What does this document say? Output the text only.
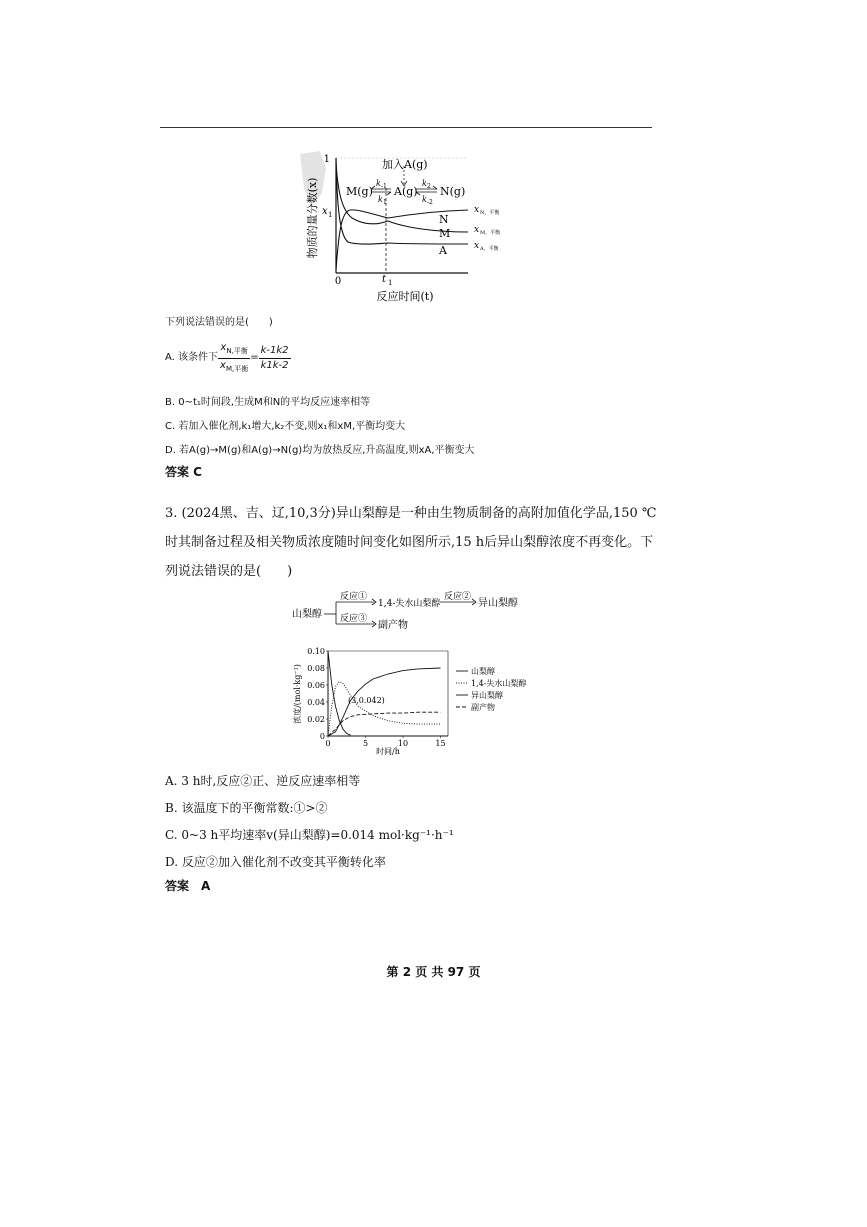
1
0
x 1
t 1
加入A(g)
M(g) A(g) N(g)
k -1
k 1
k 2
k -2
N
M
A
x N，平衡
x M，平衡
x A，平衡
物质的量分数(x)
反应时间(t)
下列说法错误的是(　　)
A. 该条件下 $\frac{x_{N,平衡}}{x_{M,平衡}} = \frac{k-1k2}{k1k-2}$
B. 0~t₁时间段,生成M和N的平均反应速率相等
C. 若加入催化剂,k₁增大,k₂不变,则x₁和xM,平衡均变大
D. 若A(g)→M(g)和A(g)→N(g)均为放热反应,升高温度,则xA,平衡变大
答案 C
3. (2024黑、吉、辽,10,3分)异山梨醇是一种由生物质制备的高附加值化学品,150 ℃
时其制备过程及相关物质浓度随时间变化如图所示,15 h后异山梨醇浓度不再变化。下
列说法错误的是(　　)
山梨醇
反应①
反应③
1,4-失水山梨醇
反应②
异山梨醇
副产物
0
0.02
0.04
0.06
0.08
0.10
0	5	10	15
(3,0.042)
浓度/(mol·kg⁻¹)
时间/h
山梨醇
1,4-失水山梨醇
异山梨醇
副产物
A. 3 h时,反应②正、逆反应速率相等
B. 该温度下的平衡常数:①>②
C. 0~3 h平均速率v(异山梨醇)=0.014 mol·kg⁻¹·h⁻¹
D. 反应②加入催化剂不改变其平衡转化率
答案　A
第 2 页 共 97 页
